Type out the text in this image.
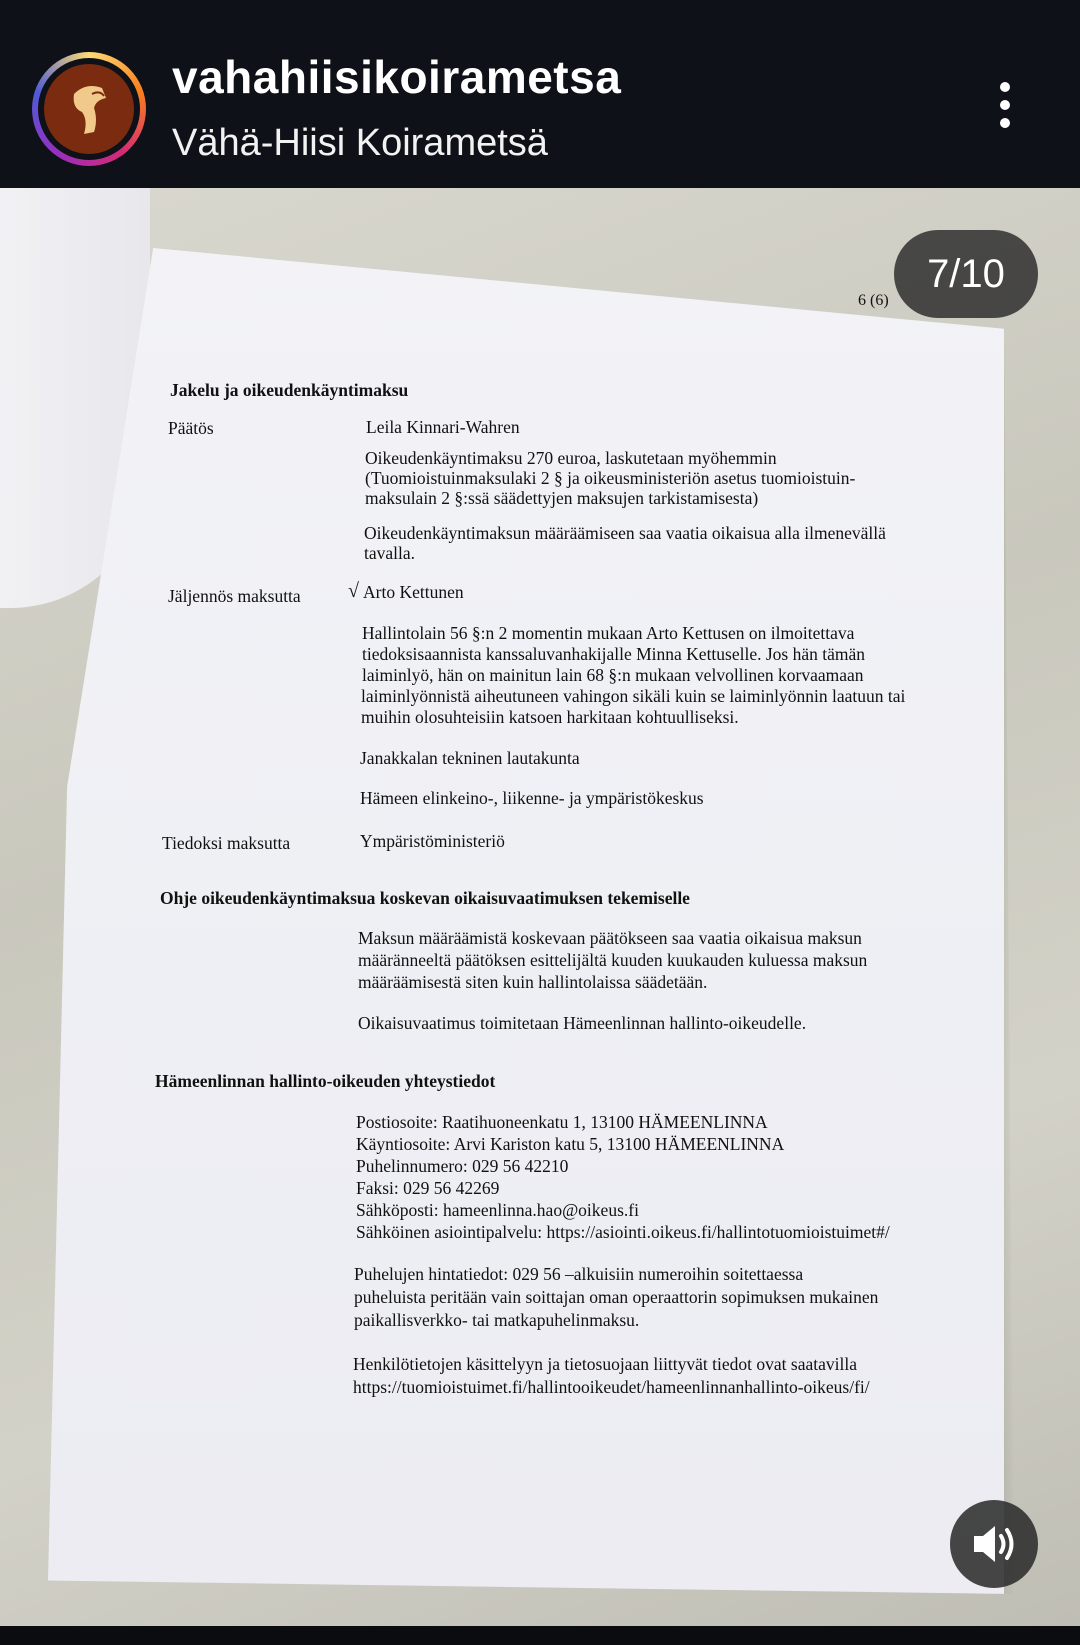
vahahiisikoirametsa
Vähä-Hiisi Koirametsä
6 (6)
Jakelu ja oikeudenkäyntimaksu
Päätös	Leila Kinnari-Wahren
Oikeudenkäyntimaksu 270 euroa, laskutetaan myöhemmin
(Tuomioistuinmaksulaki 2 § ja oikeusministeriön asetus tuomioistuin-
maksulain 2 §:ssä säädettyjen maksujen tarkistamisesta)
Oikeudenkäyntimaksun määräämiseen saa vaatia oikaisua alla ilmenevällä
tavalla.
Jäljennös maksutta √ Arto Kettunen
Hallintolain 56 §:n 2 momentin mukaan Arto Kettusen on ilmoitettava
tiedoksisaannista kanssaluvanhakijalle Minna Kettuselle. Jos hän tämän
laiminlyö, hän on mainitun lain 68 §:n mukaan velvollinen korvaamaan
laiminlyönnistä aiheutuneen vahingon sikäli kuin se laiminlyönnin laatuun tai
muihin olosuhteisiin katsoen harkitaan kohtuulliseksi.
Janakkalan tekninen lautakunta
Hämeen elinkeino-, liikenne- ja ympäristökeskus
Tiedoksi maksutta	Ympäristöministeriö
Ohje oikeudenkäyntimaksua koskevan oikaisuvaatimuksen tekemiselle
Maksun määräämistä koskevaan päätökseen saa vaatia oikaisua maksun
määränneeltä päätöksen esittelijältä kuuden kuukauden kuluessa maksun
määräämisestä siten kuin hallintolaissa säädetään.
Oikaisuvaatimus toimitetaan Hämeenlinnan hallinto-oikeudelle.
Hämeenlinnan hallinto-oikeuden yhteystiedot
Postiosoite: Raatihuoneenkatu 1, 13100 HÄMEENLINNA
Käyntiosoite: Arvi Kariston katu 5, 13100 HÄMEENLINNA
Puhelinnumero: 029 56 42210
Faksi: 029 56 42269
Sähköposti: hameenlinna.hao@oikeus.fi
Sähköinen asiointipalvelu: https://asiointi.oikeus.fi/hallintotuomioistuimet#/
Puhelujen hintatiedot: 029 56 –alkuisiin numeroihin soitettaessa
puheluista peritään vain soittajan oman operaattorin sopimuksen mukainen
paikallisverkko- tai matkapuhelinmaksu.
Henkilötietojen käsittelyyn ja tietosuojaan liittyvät tiedot ovat saatavilla
https://tuomioistuimet.fi/hallintooikeudet/hameenlinnanhallinto-oikeus/fi/
7/10
